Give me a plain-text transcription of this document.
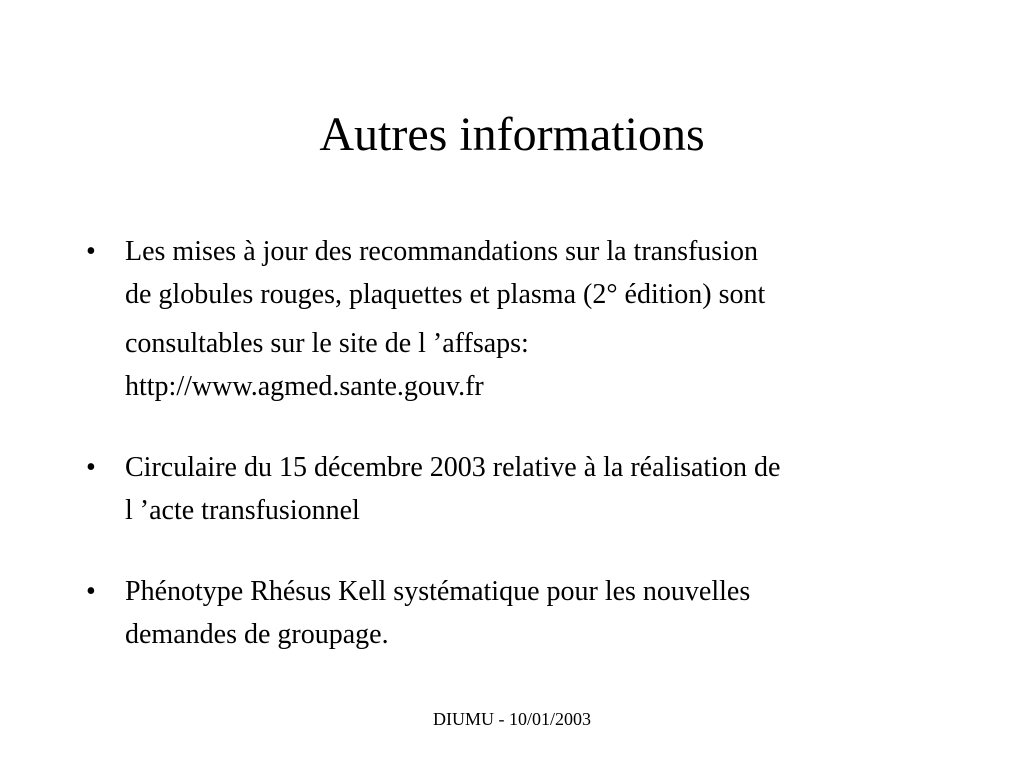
Autres informations
•	Les mises à jour des recommandations sur la transfusion
de globules rouges, plaquettes et plasma (2° édition) sont
consultables sur le site de l ’affsaps:
http://www.agmed.sante.gouv.fr
•	Circulaire du 15 décembre 2003 relative à la réalisation de
l ’acte transfusionnel
•	Phénotype Rhésus Kell systématique pour les nouvelles
demandes de groupage.
DIUMU - 10/01/2003
